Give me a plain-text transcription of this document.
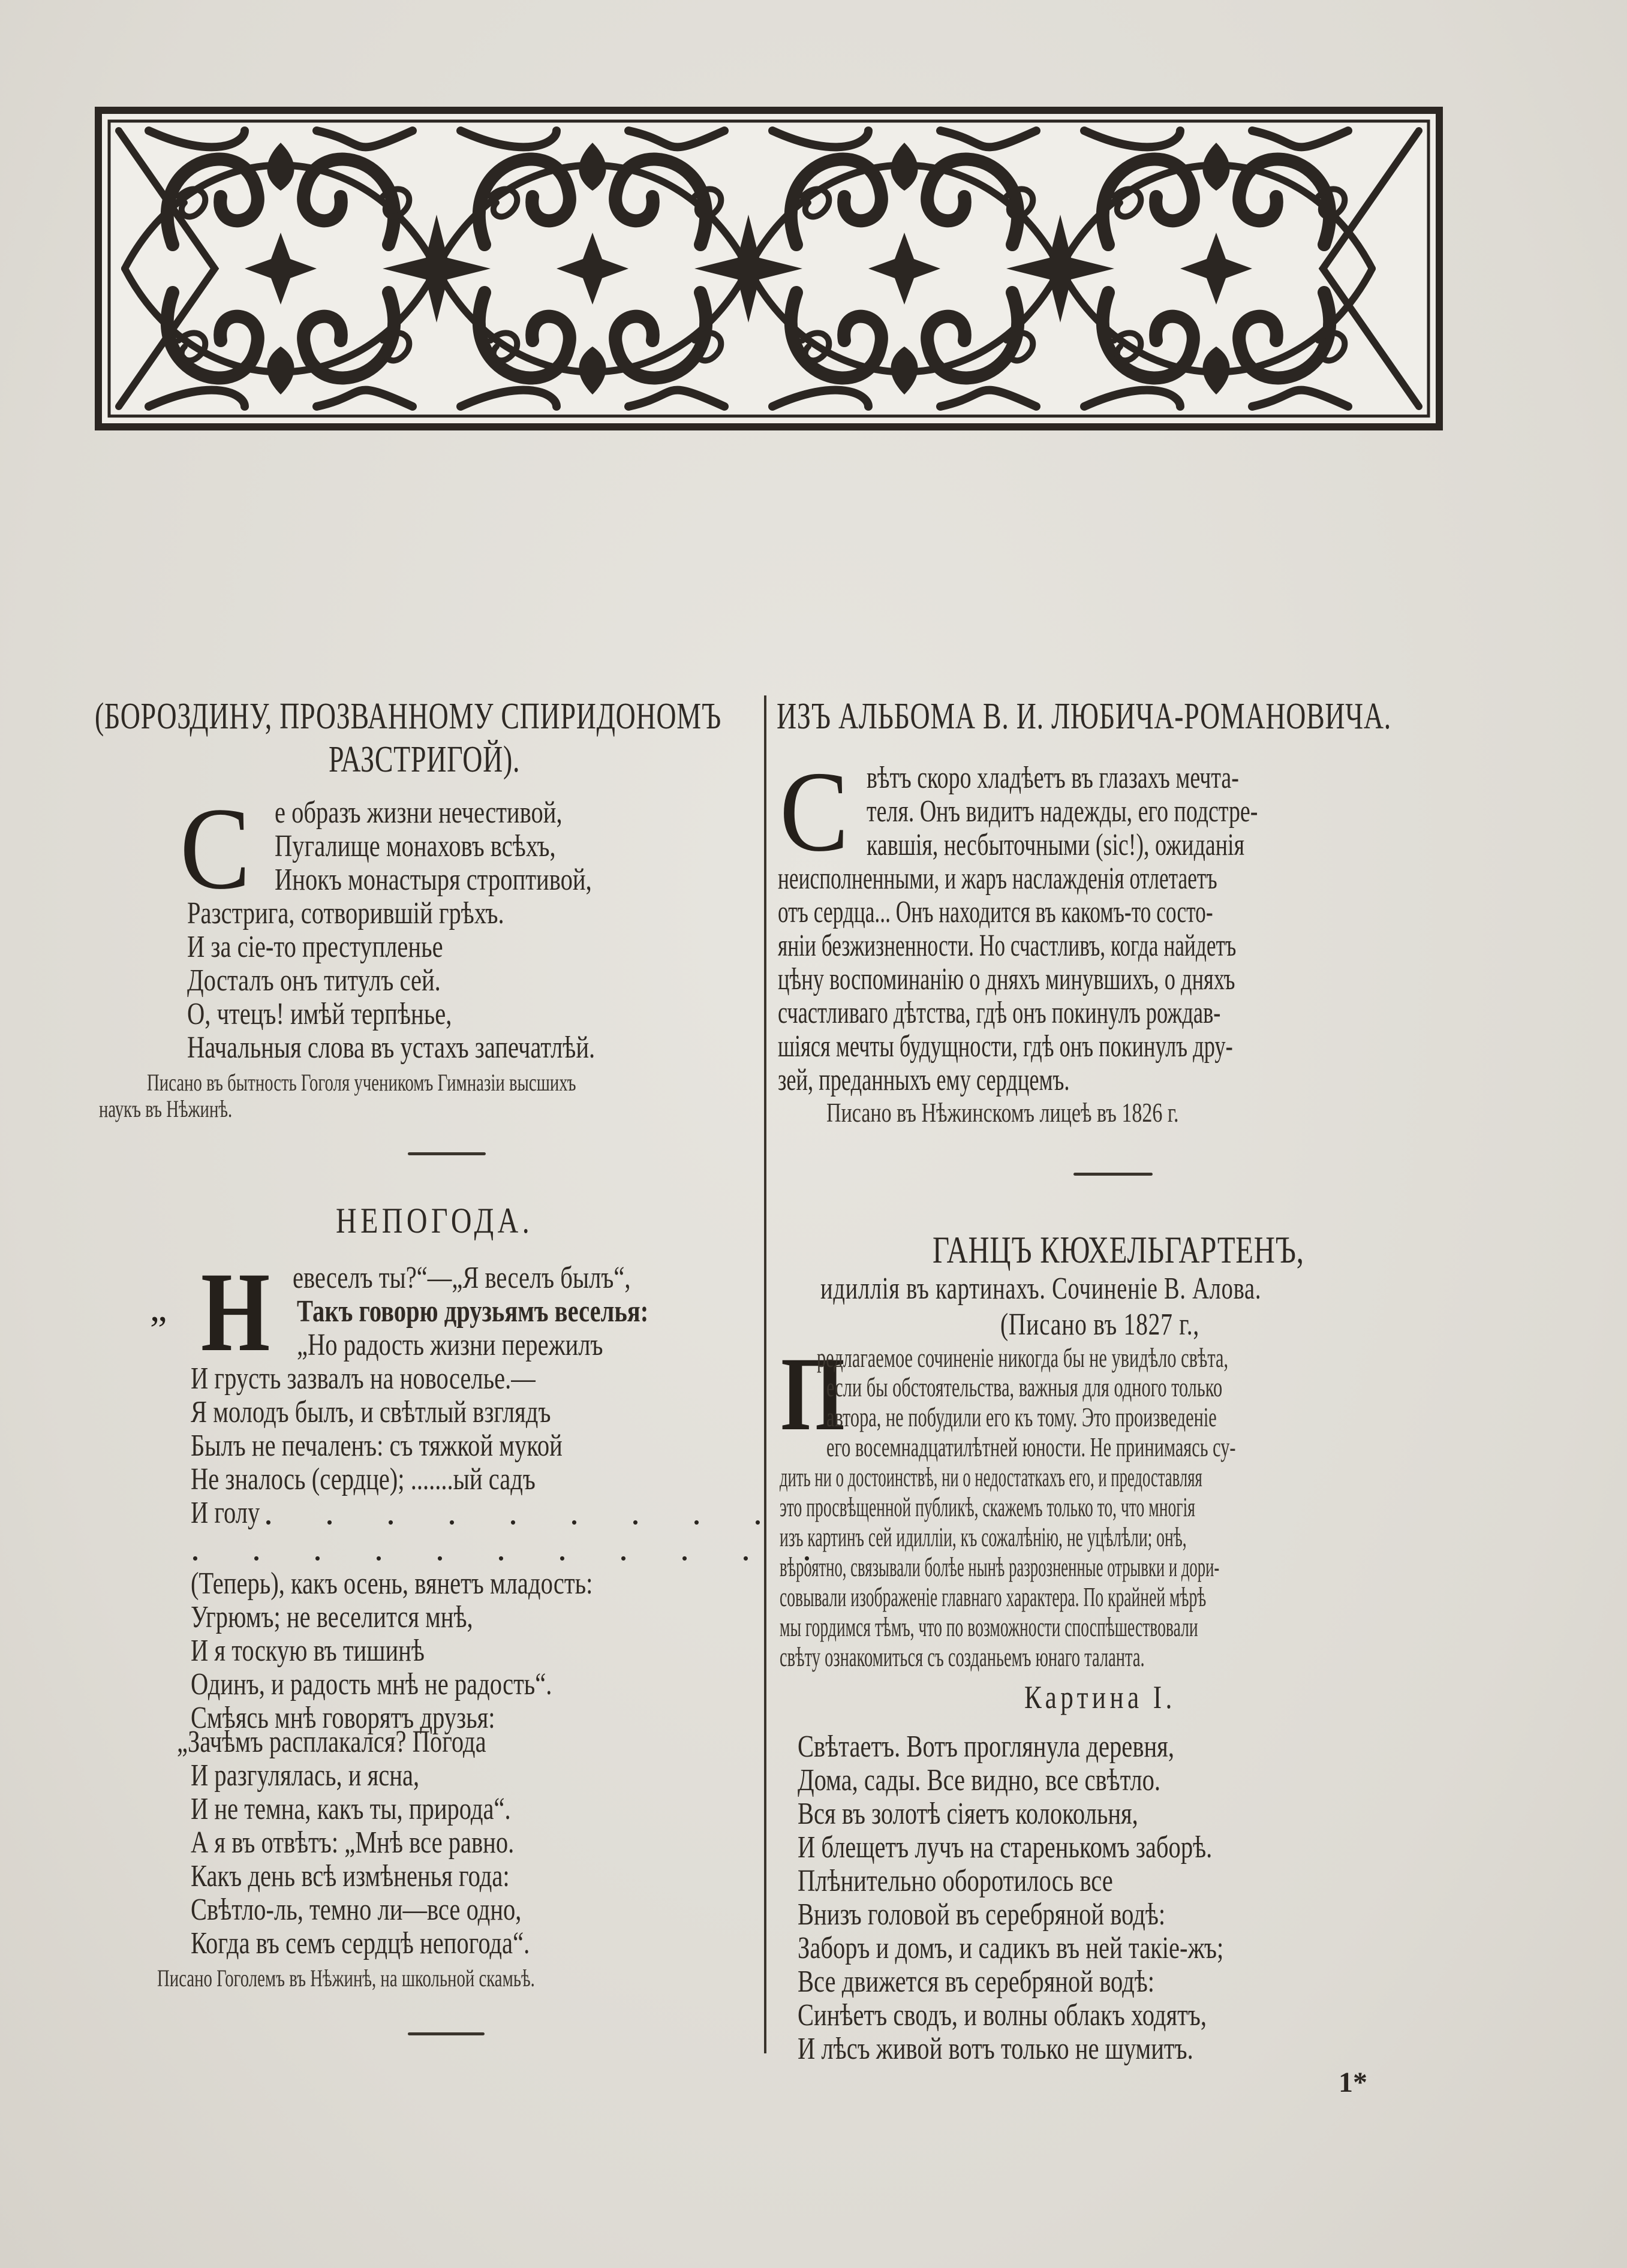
(БОРОЗДИНУ, ПРОЗВАННОМУ СПИРИДОНОМЪ
РАЗСТРИГОЙ).
С е образъ жизни нечестивой,
Пугалище монаховъ всѣхъ,
Инокъ монастыря строптивой,
Разстрига, сотворившій грѣхъ.
И за сіе-то преступленье
Досталъ онъ титулъ сей.
О, чтецъ! имѣй терпѣнье,
Начальныя слова въ устахъ запечатлѣй.
Писано въ бытность Гоголя ученикомъ Гимназіи высшихъ
наукъ въ Нѣжинѣ.
НЕПОГОДА.
„ Н евеселъ ты?“—„Я веселъ былъ“,
Такъ говорю друзьямъ веселья:
„Но радость жизни пережилъ
И грусть зазвалъ на новоселье.—
Я молодъ былъ, и свѣтлый взглядъ
Былъ не печаленъ: съ тяжкой мукой
Не зналось (сердце); .......ый садъ
И голу . . . . . . . . .
. . . . . . . . . . .
(Теперь), какъ осень, вянетъ младость:
Угрюмъ; не веселится мнѣ,
И я тоскую въ тишинѣ
Одинъ, и радость мнѣ не радость“.
Смѣясь мнѣ говорятъ друзья:
„Зачѣмъ расплакался? Погода
И разгулялась, и ясна,
И не темна, какъ ты, природа“.
А я въ отвѣтъ: „Мнѣ все равно.
Какъ день всѣ измѣненья года:
Свѣтло-ль, темно ли—все одно,
Когда въ семъ сердцѣ непогода“.
Писано Гоголемъ въ Нѣжинѣ, на школьной скамьѣ.
ИЗЪ АЛЬБОМА В. И. ЛЮБИЧА-РОМАНОВИЧА.
С вѣтъ скоро хладѣетъ въ глазахъ мечта-
теля. Онъ видитъ надежды, его подстре-
кавшія, несбыточными (sic!), ожиданія
неисполненными, и жаръ наслажденія отлетаетъ
отъ сердца... Онъ находится въ какомъ-то состо-
яніи безжизненности. Но счастливъ, когда найдетъ
цѣну воспоминанію о дняхъ минувшихъ, о дняхъ
счастливаго дѣтства, гдѣ онъ покинулъ рождав-
шіяся мечты будущности, гдѣ онъ покинулъ дру-
зей, преданныхъ ему сердцемъ.
Писано въ Нѣжинскомъ лицеѣ въ 1826 г.
ГАНЦЪ КЮХЕЛЬГАРТЕНЪ,
идиллія въ картинахъ. Сочиненіе В. Алова.
(Писано въ 1827 г.,
П
редлагаемое сочиненіе никогда бы не увидѣло свѣта,
если бы обстоятельства, важныя для одного только
автора, не побудили его къ тому. Это произведеніе
его восемнадцатилѣтней юности. Не принимаясь су-
дить ни о достоинствѣ, ни о недостаткахъ его, и предоставляя
это просвѣщенной публикѣ, скажемъ только то, что многія
изъ картинъ сей идилліи, къ сожалѣнію, не уцѣлѣли; онѣ,
вѣроятно, связывали болѣе нынѣ разрозненные отрывки и дори-
совывали изображеніе главнаго характера. По крайней мѣрѣ
мы гордимся тѣмъ, что по возможности споспѣшествовали
свѣту ознакомиться съ созданьемъ юнаго таланта.
Картина I.
Свѣтаетъ. Вотъ проглянула деревня,
Дома, сады. Все видно, все свѣтло.
Вся въ золотѣ сіяетъ колокольня,
И блещетъ лучъ на старенькомъ заборѣ.
Плѣнительно оборотилось все
Внизъ головой въ серебряной водѣ:
Заборъ и домъ, и садикъ въ ней такіе-жъ;
Все движется въ серебряной водѣ:
Синѣетъ сводъ, и волны облакъ ходятъ,
И лѣсъ живой вотъ только не шумитъ.
1*
